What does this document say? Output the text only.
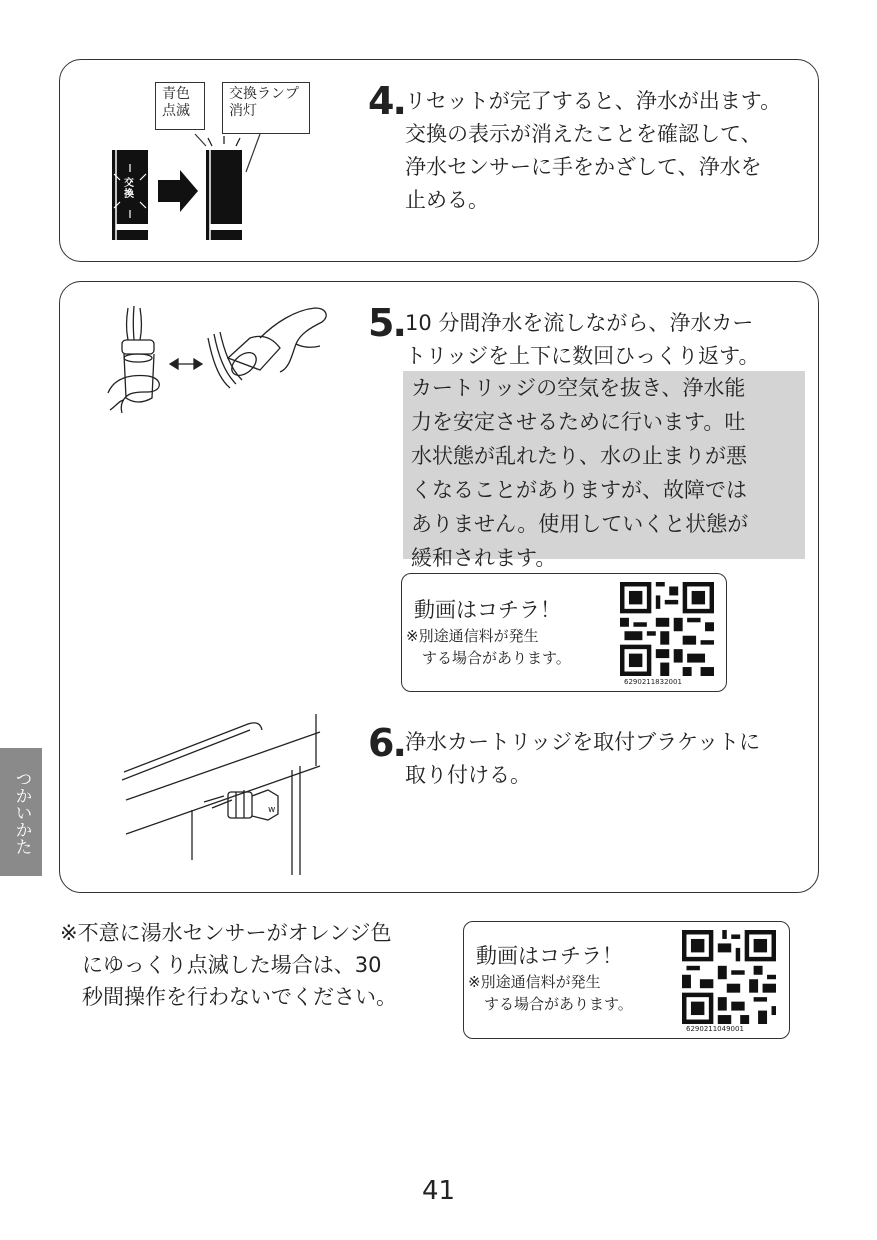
青色
点滅
交換ランプ
消灯
交換
4. リセットが完了すると、浄水が出ます。
交換の表示が消えたことを確認して、
浄水センサーに手をかざして、浄水を
止める。
5. 10 分間浄水を流しながら、浄水カー
トリッジを上下に数回ひっくり返す。
カートリッジの空気を抜き、浄水能
力を安定させるために行います。吐
水状態が乱れたり、水の止まりが悪
くなることがありますが、故障では
ありません。使用していくと状態が
緩和されます。
動画はコチラ！
※別途通信料が発生
する場合があります。
6290211832001
w
6. 浄水カートリッジを取付ブラケットに
取り付ける。
つかいかた
※不意に湯水センサーがオレンジ色
にゆっくり点滅した場合は、30
秒間操作を行わないでください。
動画はコチラ！
※別途通信料が発生
する場合があります。
6290211049001
41
